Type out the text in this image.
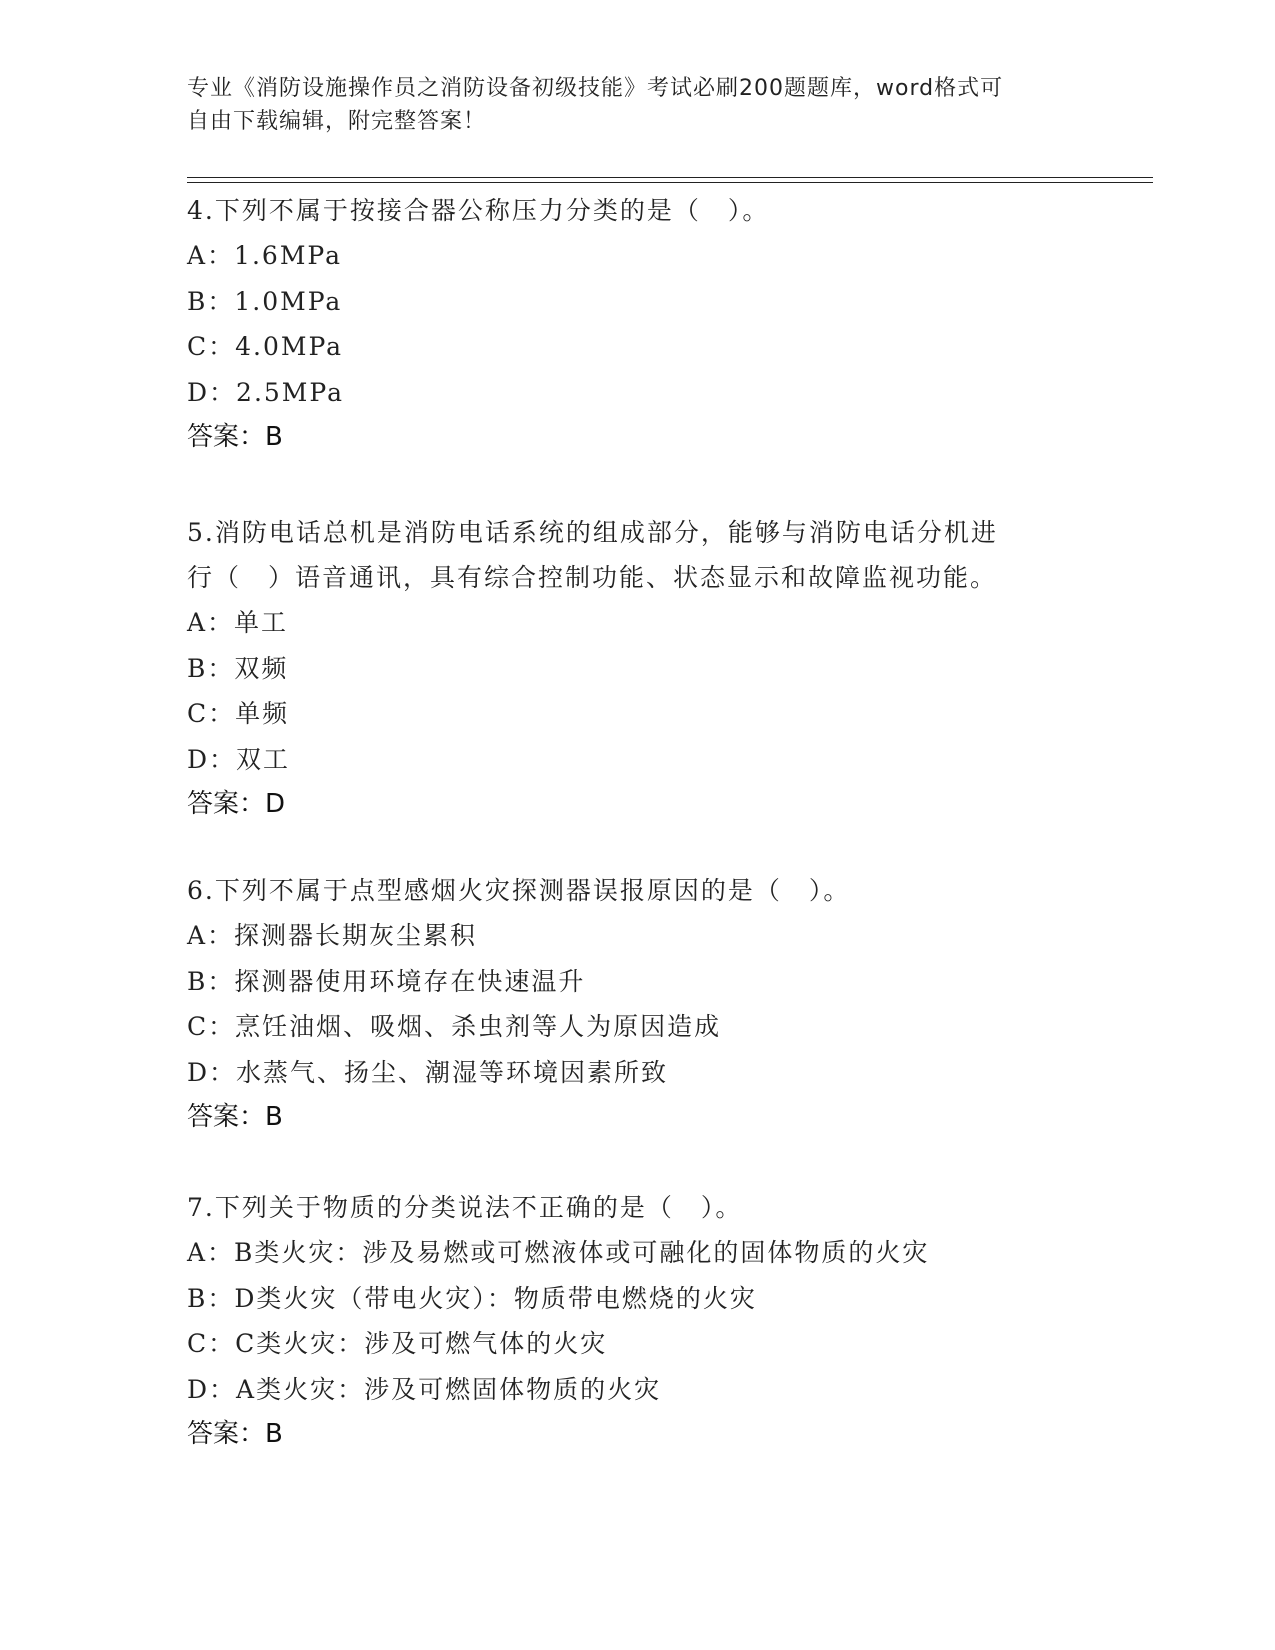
专业《消防设施操作员之消防设备初级技能》考试必刷200题题库，word格式可
自由下载编辑，附完整答案！

4.下列不属于按接合器公称压力分类的是（　）。

A：1.6MPa

B：1.0MPa

C：4.0MPa

D：2.5MPa

答案：B

5.消防电话总机是消防电话系统的组成部分，能够与消防电话分机进

行（　）语音通讯，具有综合控制功能、状态显示和故障监视功能。

A：单工

B：双频

C：单频

D：双工

答案：D

6.下列不属于点型感烟火灾探测器误报原因的是（　）。

A：探测器长期灰尘累积

B：探测器使用环境存在快速温升

C：烹饪油烟、吸烟、杀虫剂等人为原因造成

D：水蒸气、扬尘、潮湿等环境因素所致

答案：B

7.下列关于物质的分类说法不正确的是（　）。

A：B类火灾：涉及易燃或可燃液体或可融化的固体物质的火灾

B：D类火灾（带电火灾）：物质带电燃烧的火灾

C：C类火灾：涉及可燃气体的火灾

D：A类火灾：涉及可燃固体物质的火灾

答案：B
